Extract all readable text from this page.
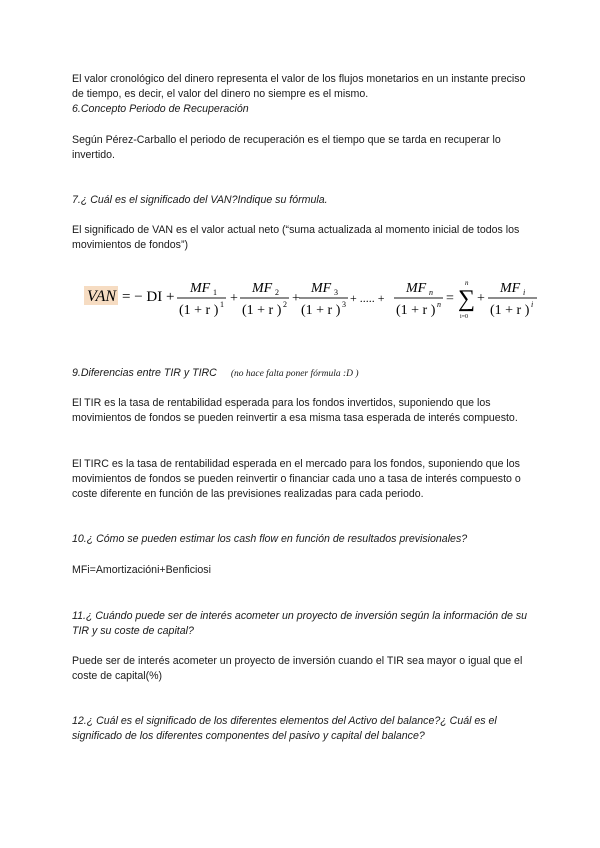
El valor cronológico del dinero representa el valor de los flujos monetarios en un instante preciso de tiempo, es decir, el valor del dinero no siempre es el mismo.
6.Concepto Periodo de Recuperación
Según Pérez-Carballo el periodo de recuperación es el tiempo que se tarda en recuperar lo invertido.
7.¿ Cuál es el significado del VAN?Indique su fórmula.
El significado de VAN es el valor actual neto (“suma actualizada al momento inicial de todos los movimientos de fondos”)
VAN = − DI +
MF 1
(1 + r ) 1 +
MF 2
(1 + r ) 2 +
MF 3
(1 + r ) 3 + ..... +
MF n
(1 + r ) n =
n
∑
i=0
+
MF i
(1 + r ) i
9.Diferencias entre TIR y TIRC (no hace falta poner fórmula :D )
El TIR es la tasa de rentabilidad esperada para los fondos invertidos, suponiendo que los movimientos de fondos se pueden reinvertir a esa misma tasa esperada de interés compuesto.
El TIRC es la tasa de rentabilidad esperada en el mercado para los fondos, suponiendo que los movimientos de fondos se pueden reinvertir o financiar cada uno a tasa de interés compuesto o coste diferente en función de las previsiones realizadas para cada periodo.
10.¿ Cómo se pueden estimar los cash flow en función de resultados previsionales?
MFi=Amortizacióni+Benficiosi
11.¿ Cuándo puede ser de interés acometer un proyecto de inversión según la información de su TIR y su coste de capital?
Puede ser de interés acometer un proyecto de inversión cuando el TIR sea mayor o igual que el coste de capital(%)
12.¿ Cuál es el significado de los diferentes elementos del Activo del balance?¿ Cuál es el significado de los diferentes componentes del pasivo y capital del balance?
